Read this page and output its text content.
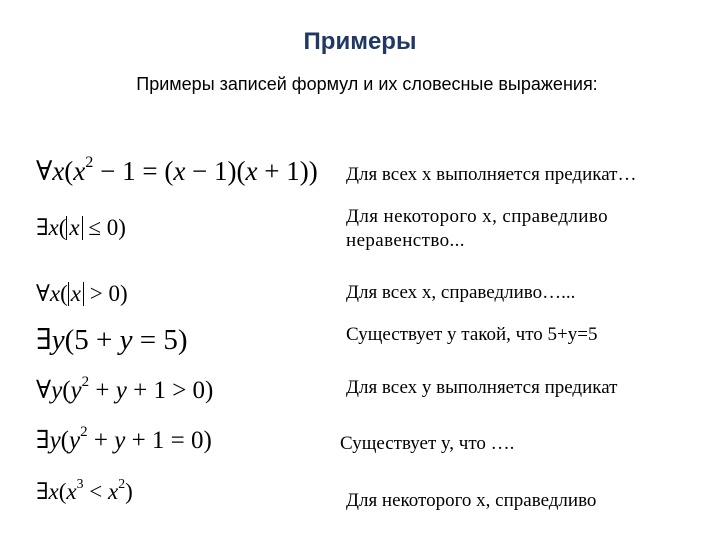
Примеры
Примеры записей формул и их словесные выражения:
$\forall x(x^2 - 1 = (x - 1)(x + 1))$ Для всех x выполняется предикат…
∃x( x ≤ 0)	Для некоторого x, справедливо
неравенство...
∀x( x > 0)	Для всех x, справедливо…...
∃y(5 + y = 5)	Существует y такой, что 5+y=5
$\forall y(y^2 + y + 1 > 0)$	Для всех y выполняется предикат
$\exists y(y^2 + y + 1 = 0)$	Существует y, что ….
$\exists x(x^3 < x^2)$	Для некоторого x, справедливо
